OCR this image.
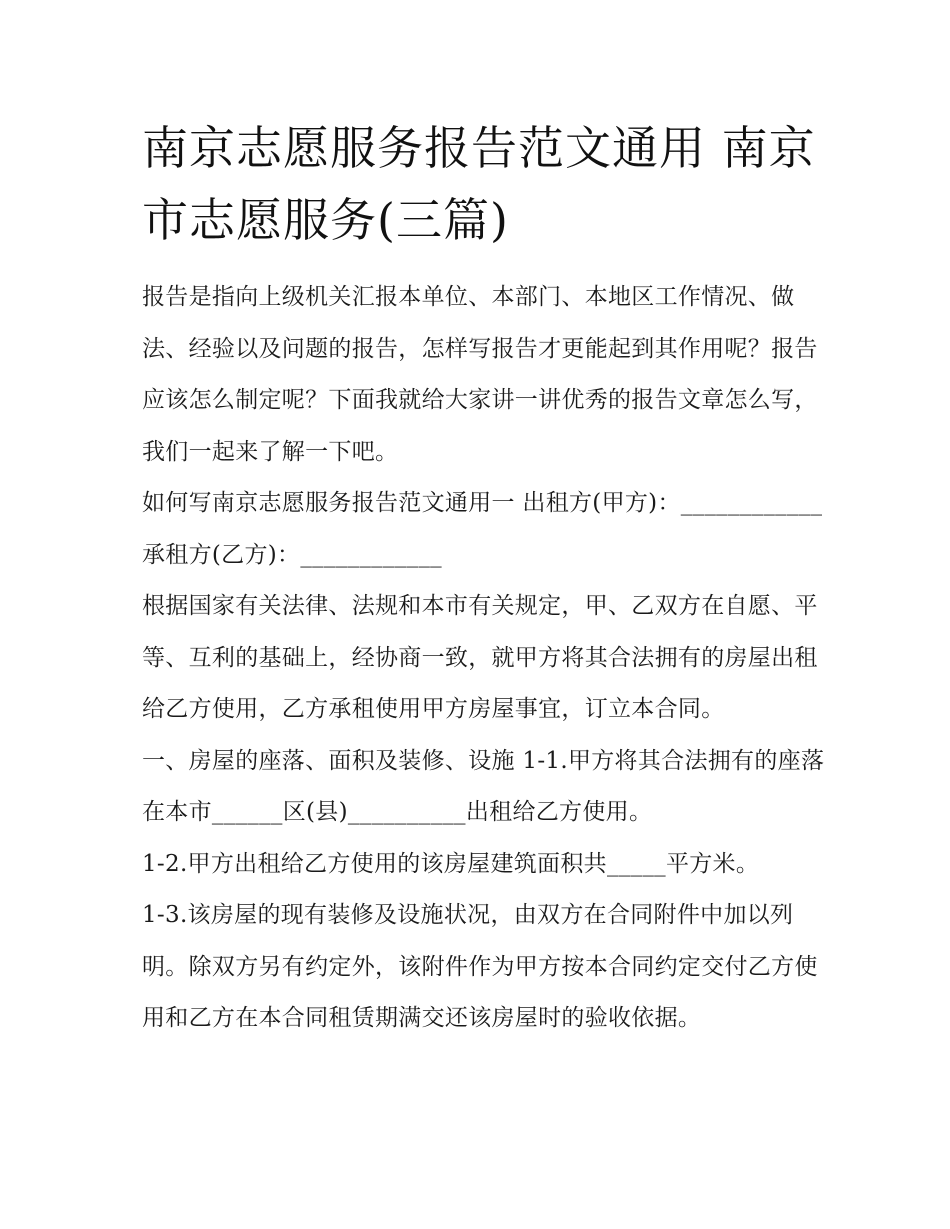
南京志愿服务报告范文通用 南京市志愿服务(三篇)

报告是指向上级机关汇报本单位、本部门、本地区工作情况、做法、经验以及问题的报告，怎样写报告才更能起到其作用呢？报告应该怎么制定呢？下面我就给大家讲一讲优秀的报告文章怎么写，我们一起来了解一下吧。

如何写南京志愿服务报告范文通用一 出租方(甲方)：____________ 承租方(乙方)：____________

根据国家有关法律、法规和本市有关规定，甲、乙双方在自愿、平等、互利的基础上，经协商一致，就甲方将其合法拥有的房屋出租给乙方使用，乙方承租使用甲方房屋事宜，订立本合同。

一、房屋的座落、面积及装修、设施 1-1.甲方将其合法拥有的座落在本市______区(县)__________出租给乙方使用。

1-2.甲方出租给乙方使用的该房屋建筑面积共_____平方米。

1-3.该房屋的现有装修及设施状况，由双方在合同附件中加以列明。除双方另有约定外，该附件作为甲方按本合同约定交付乙方使用和乙方在本合同租赁期满交还该房屋时的验收依据。
